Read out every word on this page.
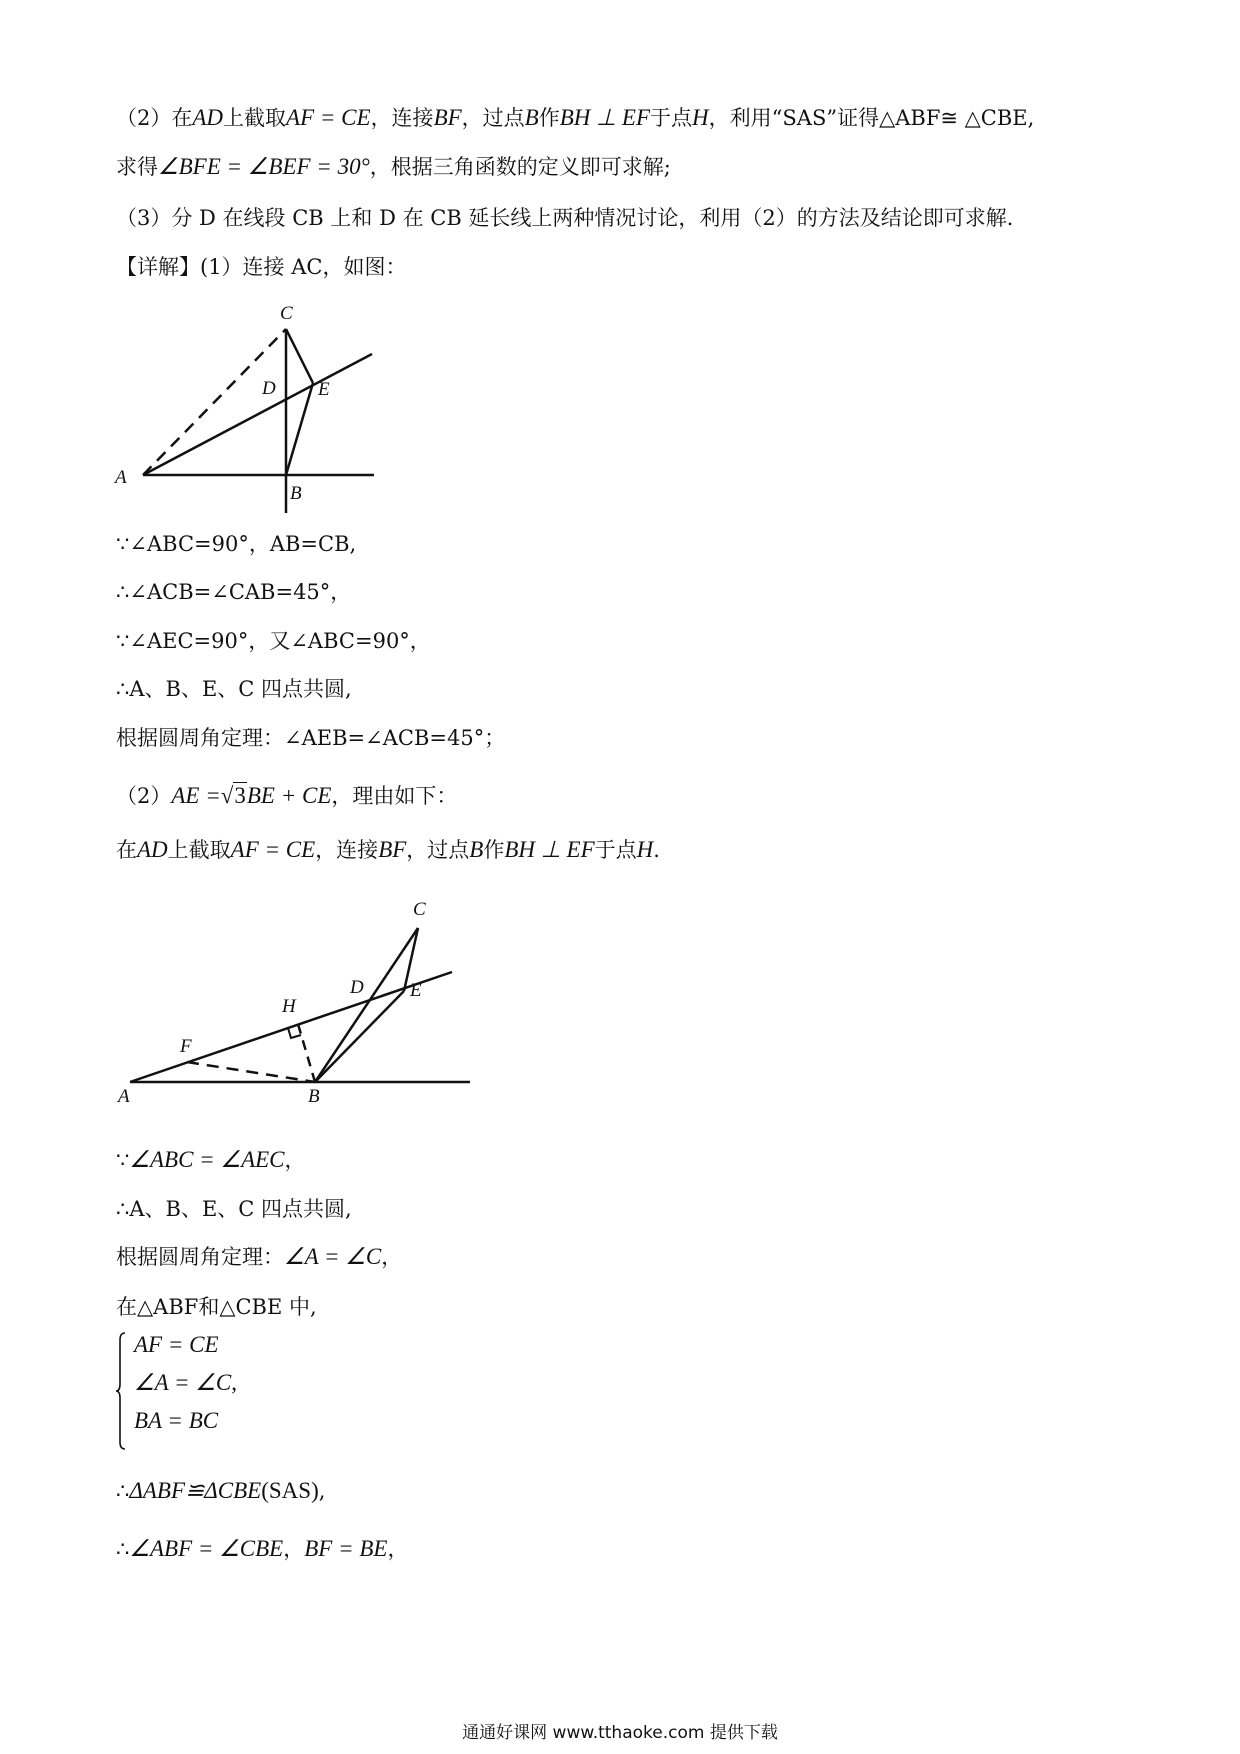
（2）在AD上截取AF = CE，连接BF，过点B作BH ⊥ EF于点H，利用“SAS”证得△ABF≅ △CBE,
求得∠BFE = ∠BEF = 30°，根据三角函数的定义即可求解;
（3）分 D 在线段 CB 上和 D 在 CB 延长线上两种情况讨论，利用（2）的方法及结论即可求解．
【详解】(1）连接 AC，如图：
C
D E
A
B
∵∠ABC=90°，AB=CB,
∴∠ACB=∠CAB=45°，
∵∠AEC=90°，又∠ABC=90°，
∴A、B、E、C 四点共圆,
根据圆周角定理：∠AEB=∠ACB=45°；
（2）AE =√3BE + CE，理由如下：
在AD上截取AF = CE，连接BF，过点B作BH ⊥ EF于点H.
C
D E
H
F
A	B
∵∠ABC = ∠AEC，
∴A、B、E、C 四点共圆,
根据圆周角定理：∠A = ∠C，
在△ABF和△CBE 中,
AF = CE
∠A = ∠C,
BA = BC
∴ΔABF≌ΔCBE(SAS),
∴∠ABF = ∠CBE，BF = BE，
通通好课网 www.tthaoke.com 提供下载
